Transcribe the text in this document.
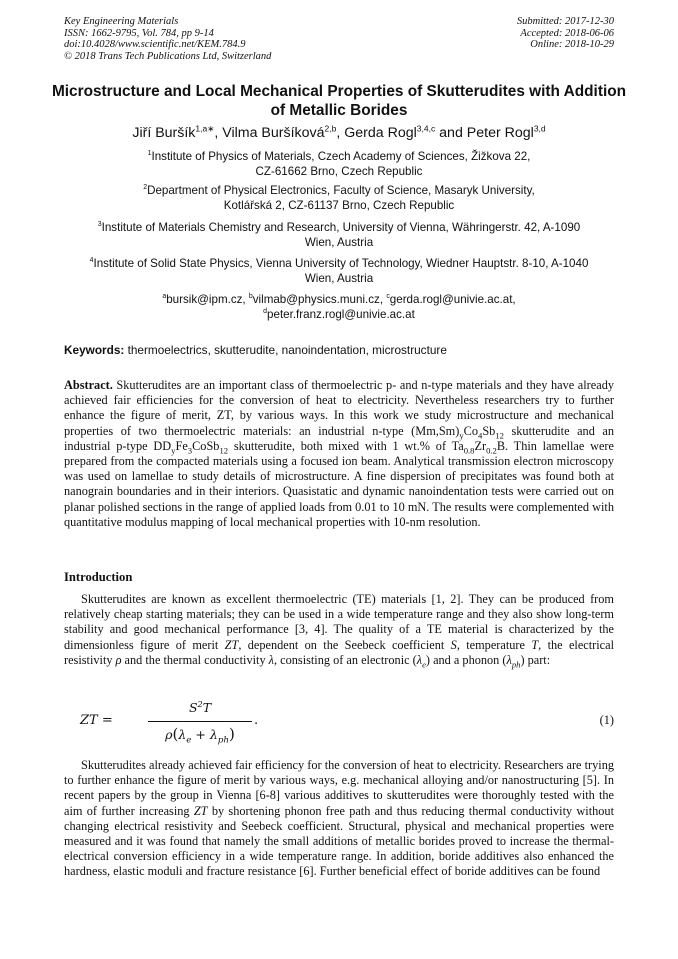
Key Engineering Materials
ISSN: 1662-9795, Vol. 784, pp 9-14
doi:10.4028/www.scientific.net/KEM.784.9
© 2018 Trans Tech Publications Ltd, Switzerland
Submitted: 2017-12-30
Accepted: 2018-06-06
Online: 2018-10-29
Microstructure and Local Mechanical Properties of Skutterudites with Addition of Metallic Borides
Jiří Buršík$^{1,a∗}$, Vilma Buršíková$^{2,b}$, Gerda Rogl$^{3,4,c}$ and Peter Rogl$^{3,d}$
$^1$Institute of Physics of Materials, Czech Academy of Sciences, Žižkova 22,
CZ-61662 Brno, Czech Republic
$^2$Department of Physical Electronics, Faculty of Science, Masaryk University,
Kotlářská 2, CZ-61137 Brno, Czech Republic
$^3$Institute of Materials Chemistry and Research, University of Vienna, Währingerstr. 42, A-1090
Wien, Austria
$^4$Institute of Solid State Physics, Vienna University of Technology, Wiedner Hauptstr. 8-10, A-1040
Wien, Austria
$^a$bursik@ipm.cz, $^b$vilmab@physics.muni.cz, $^c$gerda.rogl@univie.ac.at,
$^d$peter.franz.rogl@univie.ac.at
Keywords: thermoelectrics, skutterudite, nanoindentation, microstructure
Abstract. Skutterudites are an important class of thermoelectric p- and n-type materials and they have already achieved fair efficiencies for the conversion of heat to electricity. Nevertheless researchers try to further enhance the figure of merit, ZT, by various ways. In this work we study microstructure and mechanical properties of two thermoelectric materials: an industrial n-type $(Mm,Sm)_yCo_4Sb_{12}$ skutterudite and an industrial p-type $DD_yFe_3CoSb_{12}$ skutterudite, both mixed with 1 wt.% of $Ta_{0.8}Zr_{0.2}B$. Thin lamellae were prepared from the compacted materials using a focused ion beam. Analytical transmission electron microscopy was used on lamellae to study details of microstructure. A fine dispersion of precipitates was found both at nanograin boundaries and in their interiors. Quasistatic and dynamic nanoindentation tests were carried out on planar polished sections in the range of applied loads from 0.01 to 10 mN. The results were complemented with quantitative modulus mapping of local mechanical properties with 10-nm resolution.
Introduction
Skutterudites are known as excellent thermoelectric (TE) materials [1, 2]. They can be produced from relatively cheap starting materials; they can be used in a wide temperature range and they also show long-term stability and good mechanical performance [3, 4]. The quality of a TE material is characterized by the dimensionless figure of merit ZT, dependent on the Seebeck coefficient S, temperature T, the electrical resistivity ρ and the thermal conductivity λ, consisting of an electronic $(\lambda_e)$ and a phonon $(\lambda_{ph})$ part:
ZT =
$S^2T$
$\rho(\lambda_e + \lambda_{ph})$
.	(1)
Skutterudites already achieved fair efficiency for the conversion of heat to electricity. Researchers are trying to further enhance the figure of merit by various ways, e.g. mechanical alloying and/or nanostructuring [5]. In recent papers by the group in Vienna [6-8] various additives to skutterudites were thoroughly tested with the aim of further increasing ZT by shortening phonon free path and thus reducing thermal conductivity without changing electrical resistivity and Seebeck coefficient. Structural, physical and mechanical properties were measured and it was found that namely the small additions of metallic borides proved to increase the thermal-electrical conversion efficiency in a wide temperature range. In addition, boride additives also enhanced the hardness, elastic moduli and fracture resistance [6]. Further beneficial effect of boride additives can be found
